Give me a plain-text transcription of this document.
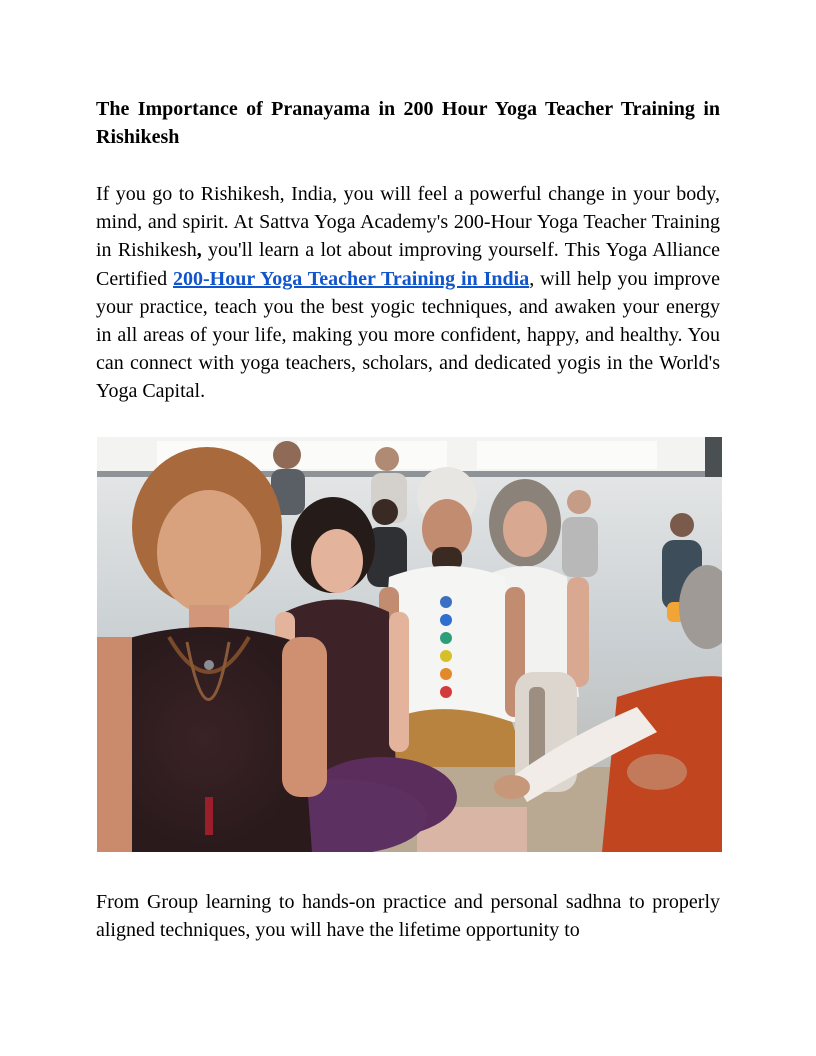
The Importance of Pranayama in 200 Hour Yoga Teacher Training in Rishikesh

If you go to Rishikesh, India, you will feel a powerful change in your body, mind, and spirit. At Sattva Yoga Academy's 200-Hour Yoga Teacher Training in Rishikesh, you'll learn a lot about improving yourself. This Yoga Alliance Certified 200-Hour Yoga Teacher Training in India, will help you improve your practice, teach you the best yogic techniques, and awaken your energy in all areas of your life, making you more confident, happy, and healthy. You can connect with yoga teachers, scholars, and dedicated yogis in the World's Yoga Capital.

From Group learning to hands-on practice and personal sadhna to properly aligned techniques, you will have the lifetime opportunity to
